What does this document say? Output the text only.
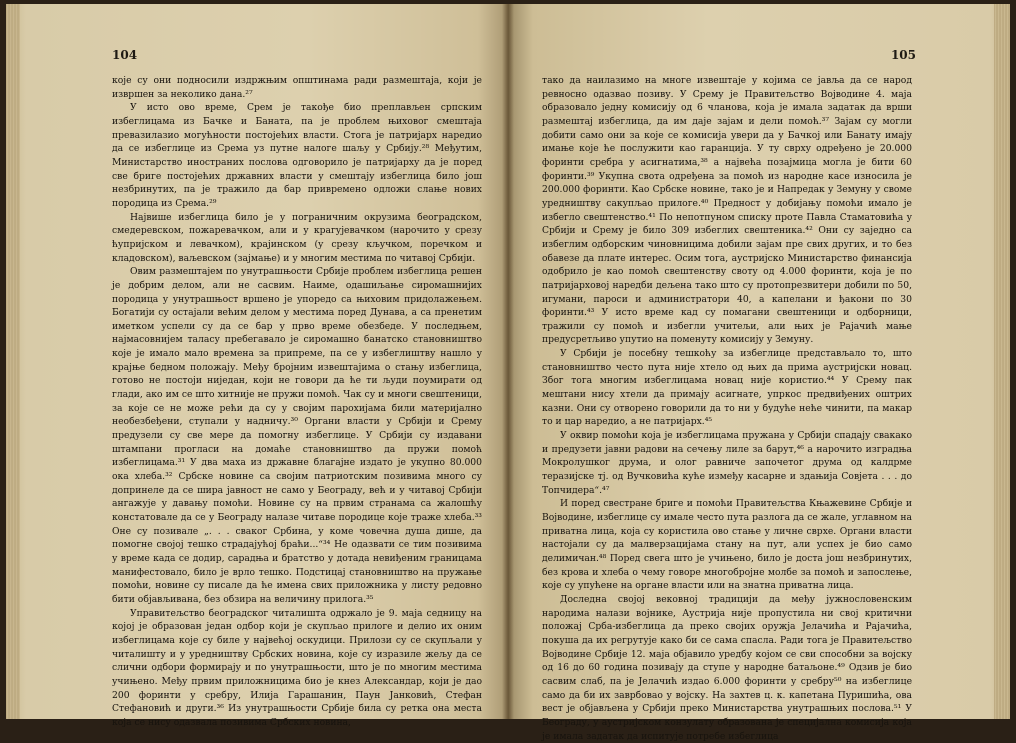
104

које су они подносили издржњим општинама ради размештаја, који је извршен за неколико дана.²⁷

У исто ово време, Срем је такође био преплављен српским избеглицама из Бачке и Баната, па је проблем њиховог смештаја превазилазио могућности постојећих власти. Стога је патријарх наредио да се избеглице из Срема уз путне налоге шаљу у Србију.²⁸ Међутим, Министарство иностраних послова одговорило је патријарху да је поред све бриге постојећих државних власти у смештају избеглица било још незбринутих, па је тражило да бар привремено одложи слање нових породица из Срема.²⁹

Највише избеглица било је у пограничним окрузима београдском, смедеревском, пожаревачком, али и у крагујевачком (нарочито у срезу ћупријском и левачком), крајинском (у срезу кључком, поречком и кладовском), ваљевском (зајмање) и у многим местима по читавој Србији.

Овим размештајем по унутрашњости Србије проблем избеглица решен је добрим делом, али не сасвим. Наиме, одашиљање сиромашнијих породица у унутрашњост вршено је упоредо са њиховим придолажењем. Богатији су остајали већим делом у местима поред Дунава, а са пренетим иметком успели су да се бар у прво време обезбеде. У последњем, најмасовнијем таласу пребегавало је сиромашно банатско становништво које је имало мало времена за припреме, па се у избеглиштву нашло у крајње бедном положају. Међу бројним извештајима о стању избеглица, готово не постоји ниједан, који не говори да ће ти људи поумирати од глади, ако им се што хитније не пружи помоћ. Чак су и многи свештеници, за које се не може рећи да су у својим парохијама били материјално необезбеђени, ступали у надничу.³⁰ Органи власти у Србији и Срему предузели су све мере да помогну избеглице. У Србији су издавани штампани прогласи на домаће становништво да пружи помоћ избеглицама.³¹ У два маха из државне благајне издато је укупно 80.000 ока хлеба.³² Србске новине са својим патриотским позивима много су допринеле да се шира јавност не само у Београду, већ и у читавој Србији ангажује у давању помоћи. Новине су на првим странама са жалошћу констатовале да се у Београду налазе читаве породице које траже хлеба.³³ Оне су позивале „. . . сваког Србина, у коме човечна душа дише, да помогне својој тешко страдајућој браћи...“³⁴ Не одазвати се тим позивима у време када се додир, сарадња и братство у дотада невиђеним границама манифестовало, било је врло тешко. Подстицај становништво на пружање помоћи, новине су писале да ће имена свих приложника у листу редовно бити објављивана, без обзира на величину прилога.³⁵

Управитељство београдског читалишта одржало је 9. маја седницу на којој је образован један одбор који је скупљао прилоге и делио их оним избеглицама које су биле у највећој оскудици. Прилози су се скупљали у читалишту и у уредништву Србских новина, које су изразиле жељу да се слични одбори формирају и по унутрашњости, што је по многим местима учињено. Међу првим приложницима био је кнез Александар, који је дао 200 форинти у сребру, Илија Гарашанин, Паун Јанковић, Стефан Стефановић и други.³⁶ Из унутрашњости Србије била су ретка она места која се нису одазвала позивима Србских новина,

105

тако да наилазимо на многе извештаје у којима се јавља да се народ ревносно одазвао позиву. У Срему је Правитељство Војводине 4. маја образовало једну комисију од 6 чланова, која је имала задатак да врши размештај избеглица, да им даје зајам и дели помоћ.³⁷ Зајам су могли добити само они за које се комисија увери да у Бачкој или Банату имају имање које ће послужити као гаранција. У ту сврху одређено је 20.000 форинти сребра у асигнатима,³⁸ а највећа позајмица могла је бити 60 форинти.³⁹ Укупна свота одређена за помоћ из народне касе износила је 200.000 форинти. Као Србске новине, тако је и Напредак у Земуну у своме уредништву сакупљао прилоге.⁴⁰ Предност у добијању помоћи имало је избегло свештенство.⁴¹ По непотпуном списку проте Павла Стаматовића у Србији и Срему је било 309 избеглих свештеника.⁴² Они су заједно са избеглим одборским чиновницима добили зајам пре свих других, и то без обавезе да плате интерес. Осим тога, аустријско Министарство финансија одобрило је као помоћ свештенству своту од 4.000 форинти, која је по патријарховој наредби дељена тако што су протопрезвитери добили по 50, игумани, пароси и администратори 40, а капелани и ђакони по 30 форинти.⁴³ У исто време кад су помагани свештеници и одборници, тражили су помоћ и избегли учитељи, али њих је Рајачић мање предусретљиво упутио на поменуту комисију у Земуну.

У Србији је посебну тешкоћу за избеглице представљало то, што становништво често пута није хтело од њих да прима аустријски новац. Због тога многим избеглицама новац није користио.⁴⁴ У Срему пак мештани нису хтели да примају асигнате, упркос предвиђених оштрих казни. Они су отворено говорили да то ни у будуће неће чинити, па макар то и цар наредио, а не патријарх.⁴⁵

У оквир помоћи која је избеглицама пружана у Србији спадају свакако и предузети јавни радови на сечењу лиле за барут,⁴⁶ а нарочито изградња Мокролушког друма, и олог равниче започетог друма од калдрме теразијске тј. од Вучковића куће између касарне и здањија Совјета . . . до Топчидера“.⁴⁷

И поред свестране бриге и помоћи Правитељства Књажевине Србије и Војводине, избеглице су имале често пута разлога да се жале, углавном на приватна лица, која су користила ово стање у личне сврхе. Органи власти настојали су да малверзацијама стану на пут, али успех је био само делимичан.⁴⁸ Поред свега што је учињено, било је доста још незбринутих, без крова и хлеба о чему говоре многобројне молбе за помоћ и запослење, које су упућене на органе власти или на знатна приватна лица.

Доследна својој вековној традицији да међу јужнословенским народима налази војнике, Аустрија није пропустила ни свој критични положај Срба-избеглица да преко својих оружја Јелачића и Рајачића, покуша да их регрутује како би се сама спасла. Ради тога је Правитељство Војводине Србије 12. маја објавило уредбу којом се сви способни за војску од 16 до 60 година позивају да ступе у народне батаљоне.⁴⁹ Одзив је био сасвим слаб, па је Јелачић издао 6.000 форинти у сребру⁵⁰ на избеглице само да би их заврбовао у војску. На захтев ц. к. капетана Пуришића, ова вест је објављена у Србији преко Министарства унутрашњих послова.⁵¹ У Београду, у аустријском конзулату образована је специјална комисија која је имала задатак да испитује потребе избеглица
